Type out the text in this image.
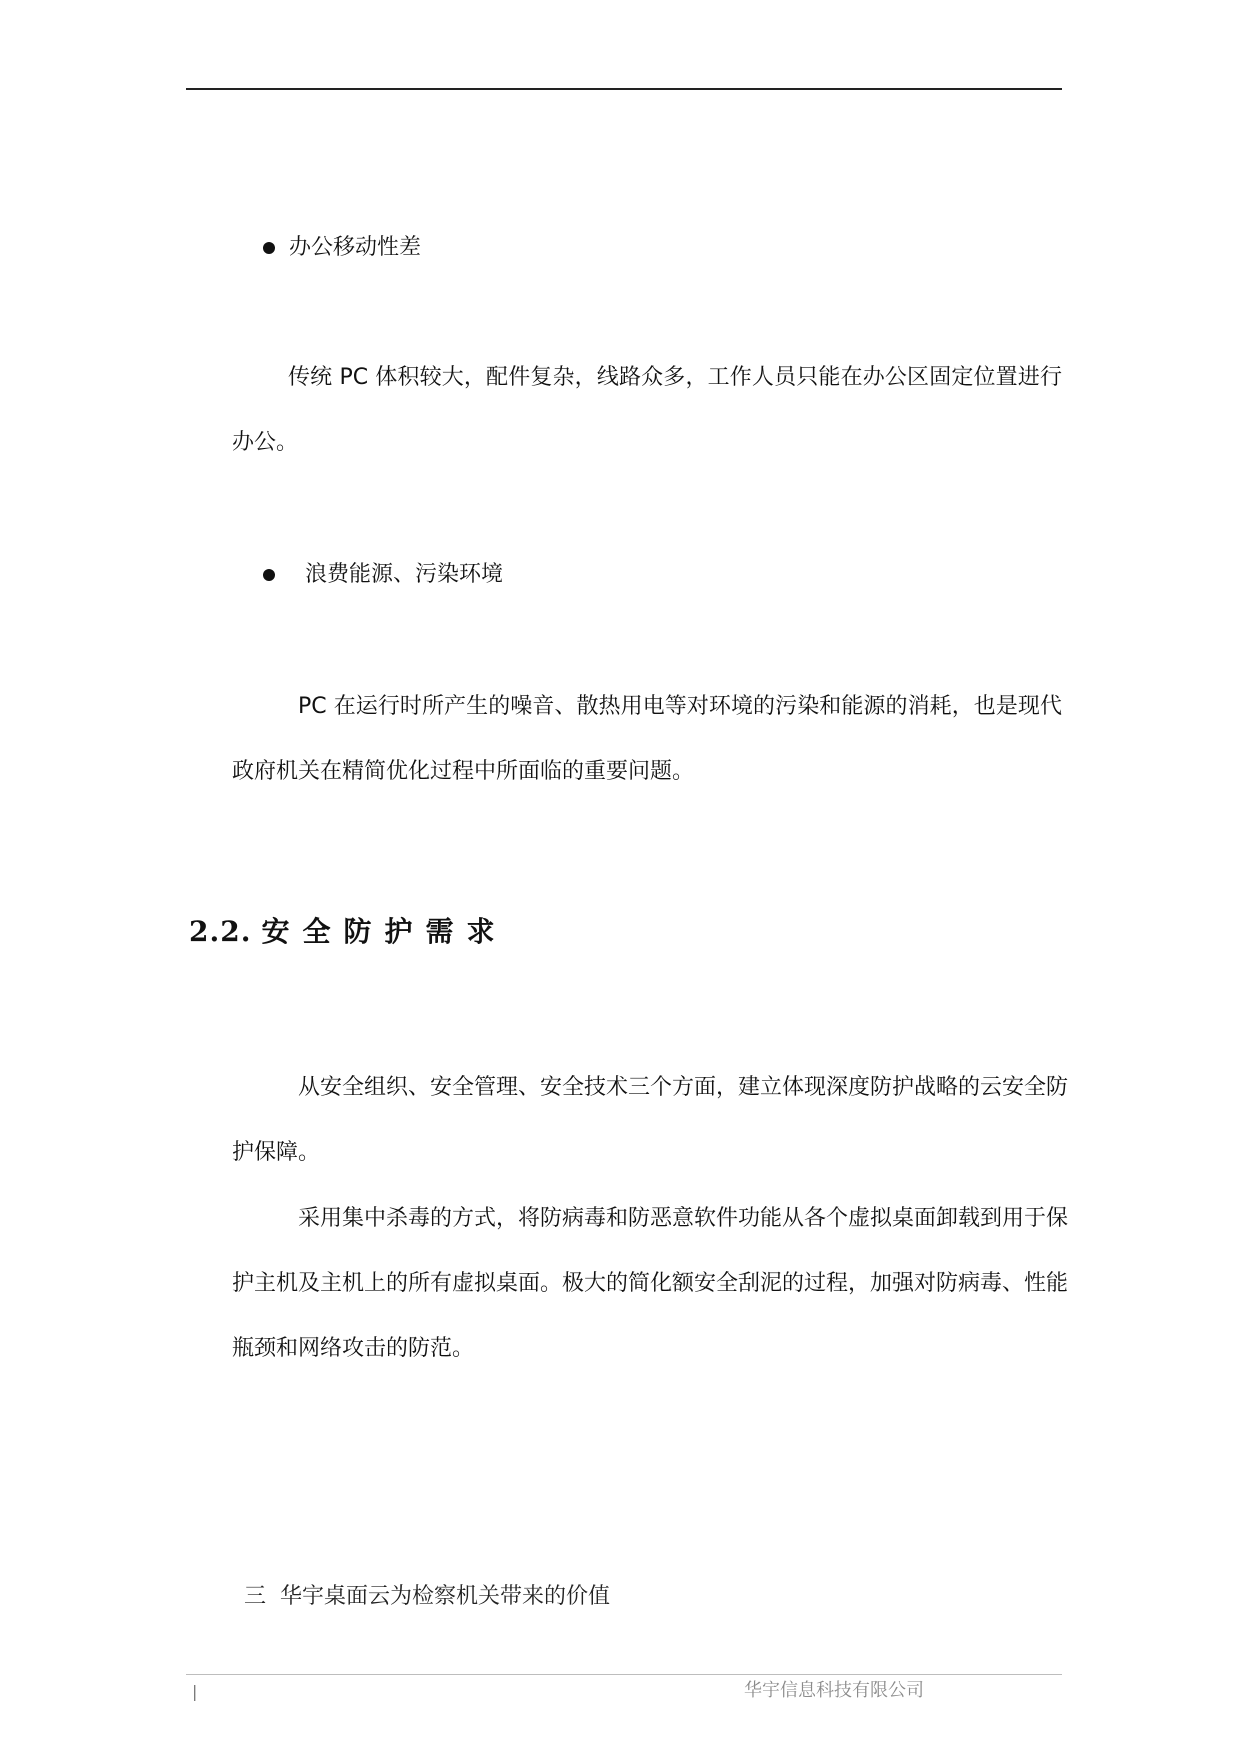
办公移动性差
传统 PC 体积较大，配件复杂，线路众多，工作人员只能在办公区固定位置进行
办公。
浪费能源、污染环境
PC 在运行时所产生的噪音、散热用电等对环境的污染和能源的消耗，也是现代
政府机关在精简优化过程中所面临的重要问题。
2.2. 安全防护需求
从安全组织、安全管理、安全技术三个方面，建立体现深度防护战略的云安全防
护保障。
采用集中杀毒的方式，将防病毒和防恶意软件功能从各个虚拟桌面卸载到用于保
护主机及主机上的所有虚拟桌面。极大的简化额安全刮泥的过程，加强对防病毒、性能
瓶颈和网络攻击的防范。
三 华宇桌面云为检察机关带来的价值
|	华宇信息科技有限公司
